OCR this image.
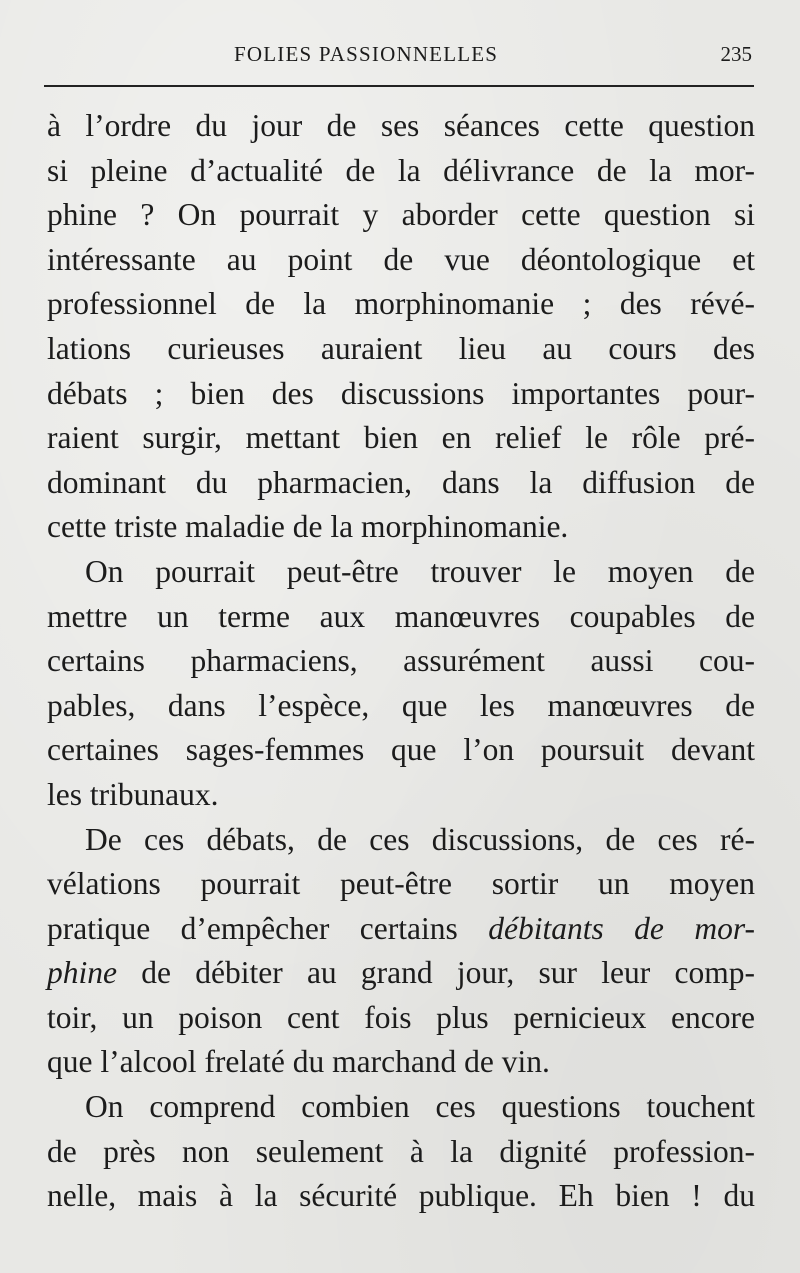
FOLIES PASSIONNELLES	235
à l’ordre du jour de ses séances cette question
si pleine d’actualité de la délivrance de la mor-
phine ? On pourrait y aborder cette question si
intéressante au point de vue déontologique et
professionnel de la morphinomanie ; des révé-
lations curieuses auraient lieu au cours des
débats ; bien des discussions importantes pour-
raient surgir, mettant bien en relief le rôle pré-
dominant du pharmacien, dans la diffusion de
cette triste maladie de la morphinomanie.
On pourrait peut-être trouver le moyen de
mettre un terme aux manœuvres coupables de
certains pharmaciens, assurément aussi cou-
pables, dans l’espèce, que les manœuvres de
certaines sages-femmes que l’on poursuit devant
les tribunaux.
De ces débats, de ces discussions, de ces ré-
vélations pourrait peut-être sortir un moyen
pratique d’empêcher certains débitants de mor-
phine de débiter au grand jour, sur leur comp-
toir, un poison cent fois plus pernicieux encore
que l’alcool frelaté du marchand de vin.
On comprend combien ces questions touchent
de près non seulement à la dignité profession-
nelle, mais à la sécurité publique. Eh bien ! du
